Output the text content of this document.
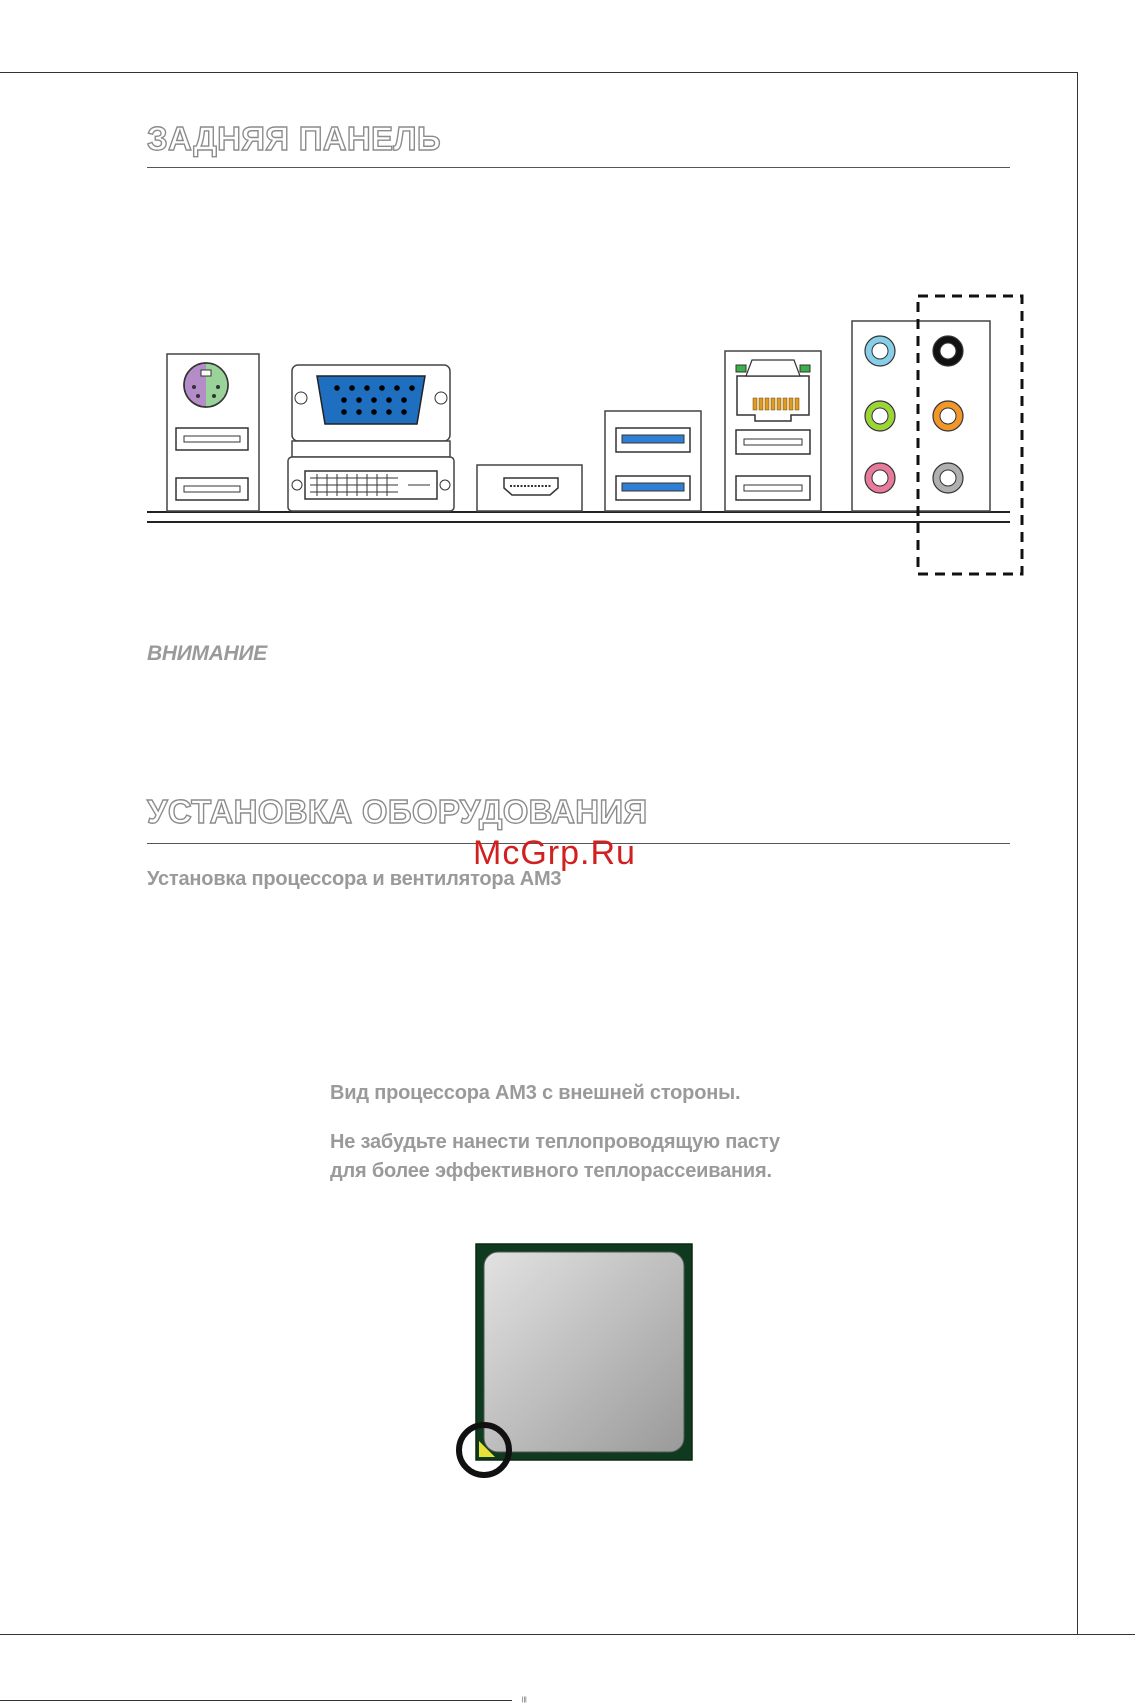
|||
ЗАДНЯЯ ПАНЕЛЬ
ВНИМАНИЕ
УСТАНОВКА ОБОРУДОВАНИЯ
McGrp.Ru
Установка процессора и вентилятора AM3
Вид процессора AM3 с внешней стороны.
Не забудьте нанести теплопроводящую пасту для более эффективного теплорассеивания.
